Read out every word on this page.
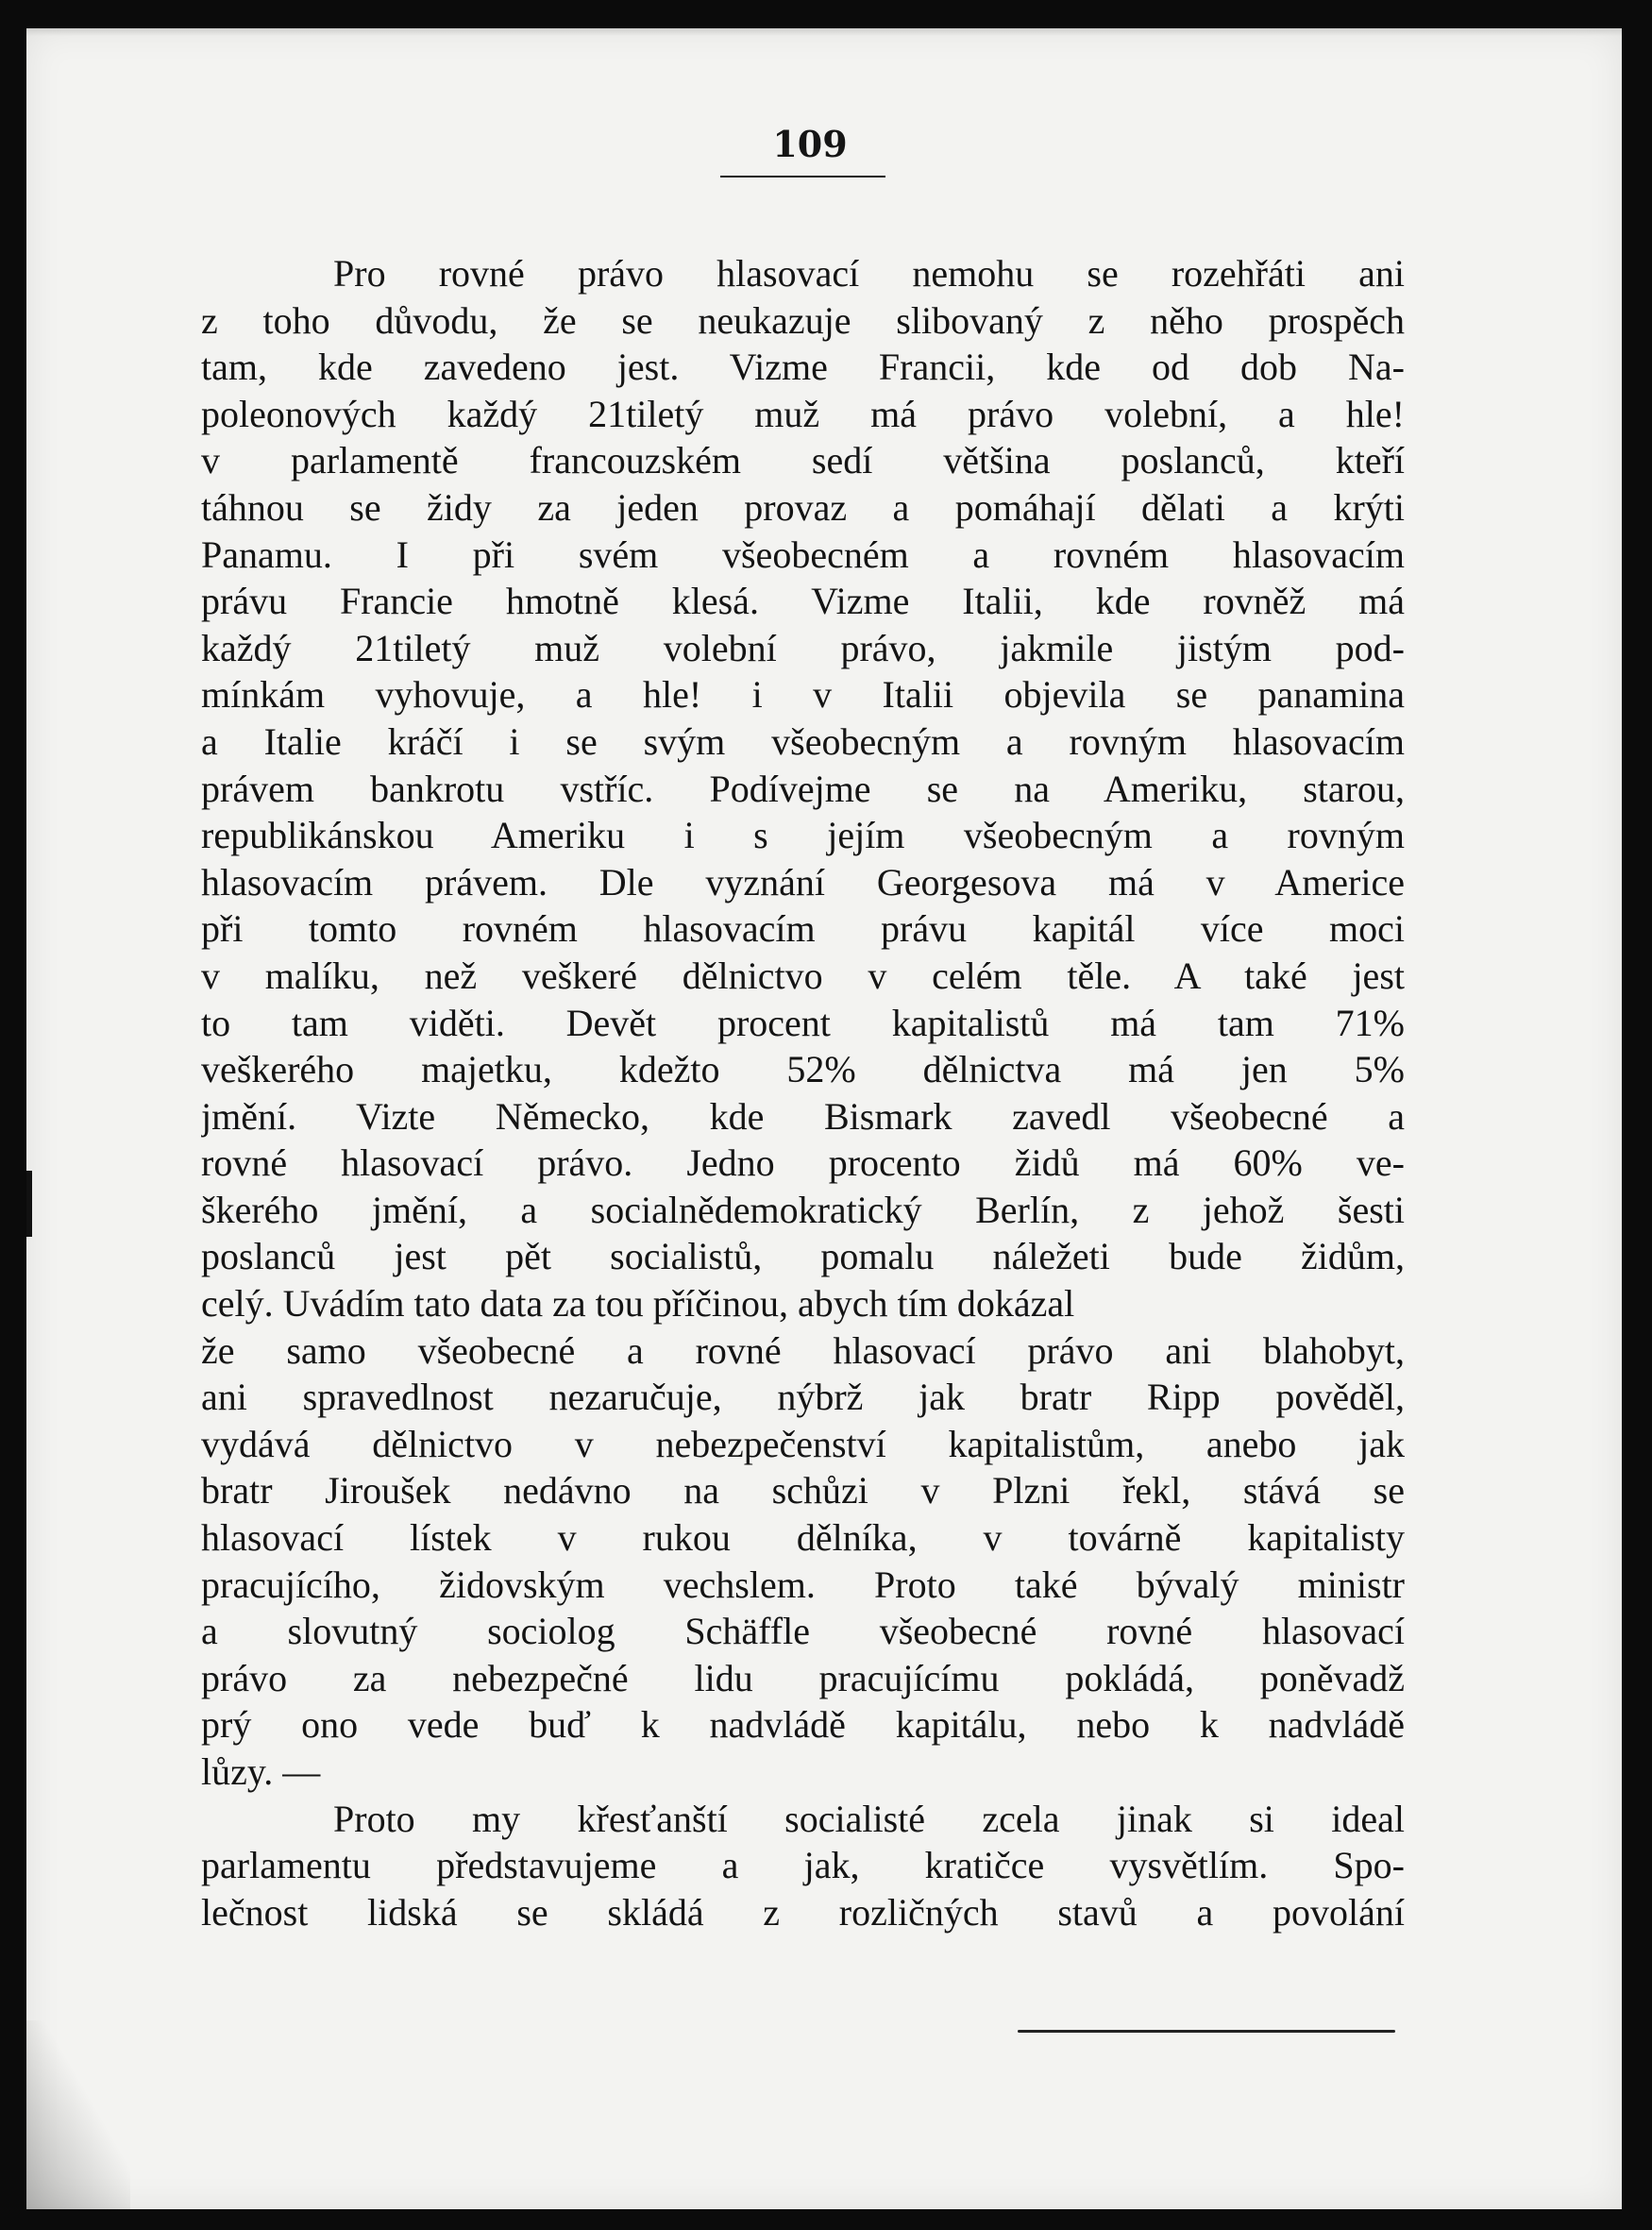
109
Pro rovné právo hlasovací nemohu se rozehřáti ani
z toho důvodu, že se neukazuje slibovaný z něho prospěch
tam, kde zavedeno jest. Vizme Francii, kde od dob Na-
poleonových každý 21tiletý muž má právo volební, a hle!
v parlamentě francouzském sedí většina poslanců, kteří
táhnou se židy za jeden provaz a pomáhají dělati a krýti
Panamu. I při svém všeobecném a rovném hlasovacím
právu Francie hmotně klesá. Vizme Italii, kde rovněž má
každý 21tiletý muž volební právo, jakmile jistým pod-
mínkám vyhovuje, a hle! i v Italii objevila se panamina
a Italie kráčí i se svým všeobecným a rovným hlasovacím
právem bankrotu vstříc. Podívejme se na Ameriku, starou,
republikánskou Ameriku i s jejím všeobecným a rovným
hlasovacím právem. Dle vyznání Georgesova má v Americe
při tomto rovném hlasovacím právu kapitál více moci
v malíku, než veškeré dělnictvo v celém těle. A také jest
to tam viděti. Devět procent kapitalistů má tam 71%
veškerého majetku, kdežto 52% dělnictva má jen 5%
jmění. Vizte Německo, kde Bismark zavedl všeobecné a
rovné hlasovací právo. Jedno procento židů má 60% ve-
škerého jmění, a socialnědemokratický Berlín, z jehož šesti
poslanců jest pět socialistů, pomalu náležeti bude židům,
celý. Uvádím tato data za tou příčinou, abych tím dokázal
že samo všeobecné a rovné hlasovací právo ani blahobyt,
ani spravedlnost nezaručuje, nýbrž jak bratr Ripp pověděl,
vydává dělnictvo v nebezpečenství kapitalistům, anebo jak
bratr Jiroušek nedávno na schůzi v Plzni řekl, stává se
hlasovací lístek v rukou dělníka, v továrně kapitalisty
pracujícího, židovským vechslem. Proto také bývalý ministr
a slovutný sociolog Schäffle všeobecné rovné hlasovací
právo za nebezpečné lidu pracujícímu pokládá, poněvadž
prý ono vede buď k nadvládě kapitálu, nebo k nadvládě
lůzy. —
Proto my křesťanští socialisté zcela jinak si ideal
parlamentu představujeme a jak, kratičce vysvětlím. Spo-
lečnost lidská se skládá z rozličných stavů a povolání
